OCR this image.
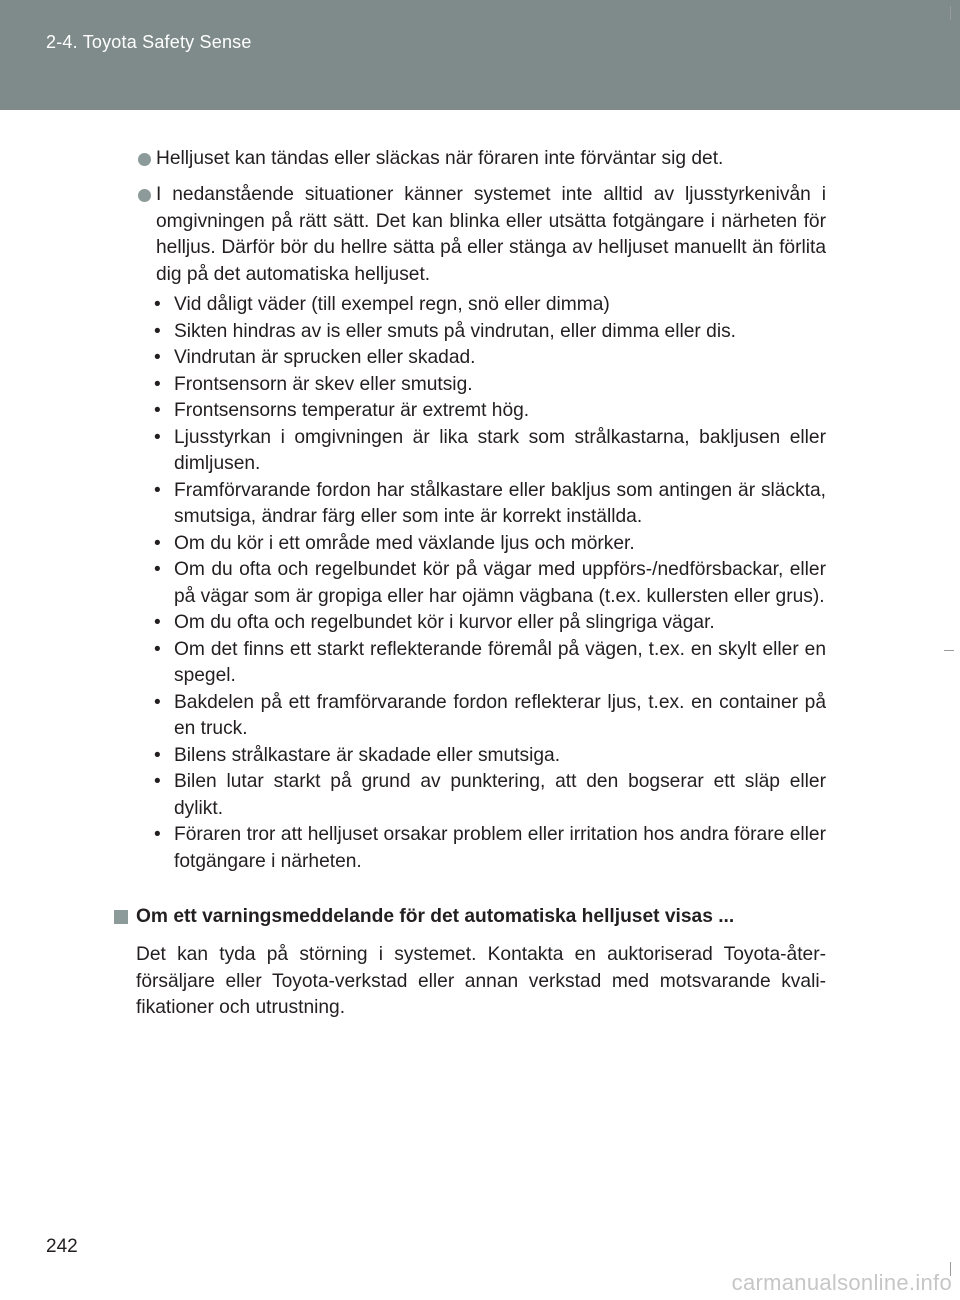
2-4. Toyota Safety Sense
Helljuset kan tändas eller släckas när föraren inte förväntar sig det.
I nedanstående situationer känner systemet inte alltid av ljusstyrkenivån i omgivningen på rätt sätt. Det kan blinka eller utsätta fotgängare i närheten för helljus. Därför bör du hellre sätta på eller stänga av helljuset manuellt än förlita dig på det automatiska helljuset.
• Vid dåligt väder (till exempel regn, snö eller dimma)
• Sikten hindras av is eller smuts på vindrutan, eller dimma eller dis.
• Vindrutan är sprucken eller skadad.
• Frontsensorn är skev eller smutsig.
• Frontsensorns temperatur är extremt hög.
• Ljusstyrkan i omgivningen är lika stark som strålkastarna, bakljusen eller dimljusen.
• Framförvarande fordon har stålkastare eller bakljus som antingen är släckta, smutsiga, ändrar färg eller som inte är korrekt inställda.
• Om du kör i ett område med växlande ljus och mörker.
• Om du ofta och regelbundet kör på vägar med uppförs-/nedförsbackar, eller på vägar som är gropiga eller har ojämn vägbana (t.ex. kullersten eller grus).
• Om du ofta och regelbundet kör i kurvor eller på slingriga vägar.
• Om det finns ett starkt reflekterande föremål på vägen, t.ex. en skylt eller en spegel.
• Bakdelen på ett framförvarande fordon reflekterar ljus, t.ex. en container på en truck.
• Bilens strålkastare är skadade eller smutsiga.
• Bilen lutar starkt på grund av punktering, att den bogserar ett släp eller dylikt.
• Föraren tror att helljuset orsakar problem eller irritation hos andra förare eller fotgängare i närheten.
Om ett varningsmeddelande för det automatiska helljuset visas ...
Det kan tyda på störning i systemet. Kontakta en auktoriserad Toyota-åter-försäljare eller Toyota-verkstad eller annan verkstad med motsvarande kvali-fikationer och utrustning.
242
carmanualsonline.info
